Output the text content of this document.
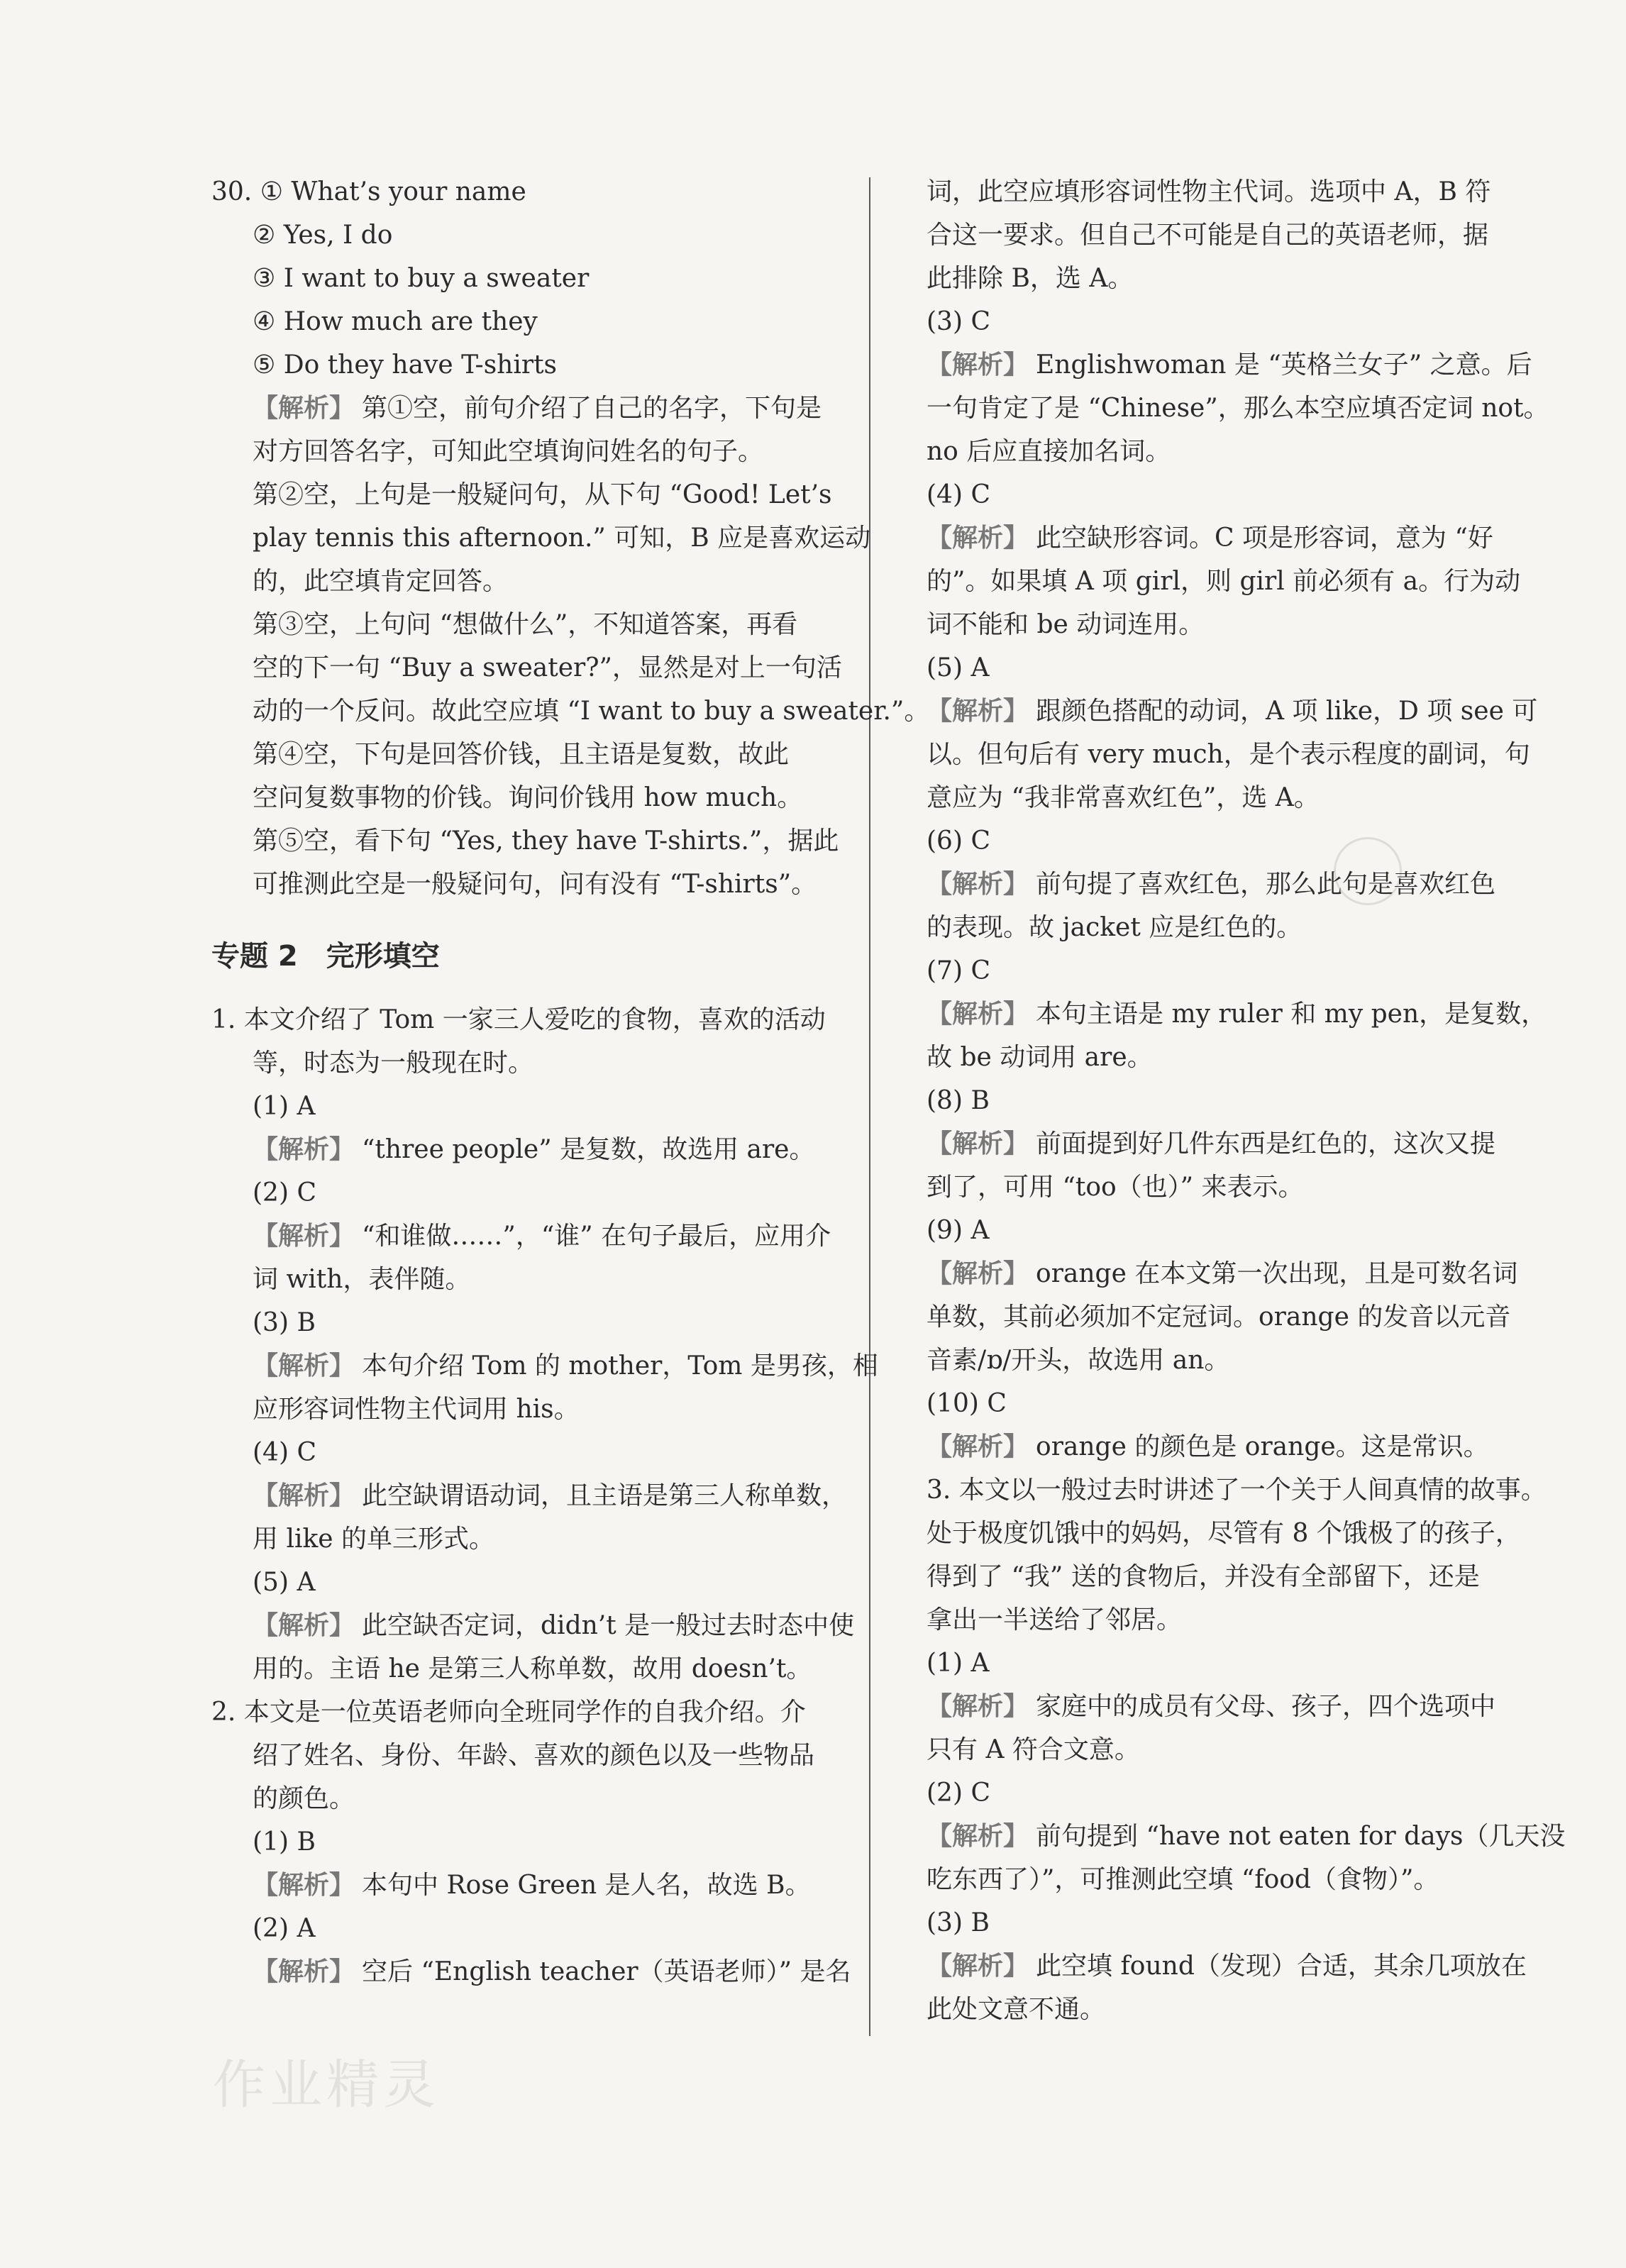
30. ① What’s your name
② Yes, I do
③ I want to buy a sweater
④ How much are they
⑤ Do they have T-shirts
【解析】 第①空，前句介绍了自己的名字，下句是
对方回答名字，可知此空填询问姓名的句子。
第②空，上句是一般疑问句，从下句 “Good! Let’s
play tennis this afternoon.” 可知，B 应是喜欢运动
的，此空填肯定回答。
第③空，上句问 “想做什么”，不知道答案，再看
空的下一句 “Buy a sweater?”，显然是对上一句活
动的一个反问。故此空应填 “I want to buy a sweater.”。
第④空，下句是回答价钱，且主语是复数，故此
空问复数事物的价钱。询问价钱用 how much。
第⑤空，看下句 “Yes, they have T-shirts.”，据此
可推测此空是一般疑问句，问有没有 “T-shirts”。
专题 2　完形填空
1. 本文介绍了 Tom 一家三人爱吃的食物，喜欢的活动
等，时态为一般现在时。
(1) A
【解析】 “three people” 是复数，故选用 are。
(2) C
【解析】 “和谁做……”，“谁” 在句子最后，应用介
词 with，表伴随。
(3) B
【解析】 本句介绍 Tom 的 mother，Tom 是男孩，相
应形容词性物主代词用 his。
(4) C
【解析】 此空缺谓语动词，且主语是第三人称单数，
用 like 的单三形式。
(5) A
【解析】 此空缺否定词，didn’t 是一般过去时态中使
用的。主语 he 是第三人称单数，故用 doesn’t。
2. 本文是一位英语老师向全班同学作的自我介绍。介
绍了姓名、身份、年龄、喜欢的颜色以及一些物品
的颜色。
(1) B
【解析】 本句中 Rose Green 是人名，故选 B。
(2) A
【解析】 空后 “English teacher（英语老师）” 是名
词，此空应填形容词性物主代词。选项中 A，B 符
合这一要求。但自己不可能是自己的英语老师，据
此排除 B，选 A。
(3) C
【解析】 Englishwoman 是 “英格兰女子” 之意。后
一句肯定了是 “Chinese”，那么本空应填否定词 not。
no 后应直接加名词。
(4) C
【解析】 此空缺形容词。C 项是形容词，意为 “好
的”。如果填 A 项 girl，则 girl 前必须有 a。行为动
词不能和 be 动词连用。
(5) A
【解析】 跟颜色搭配的动词，A 项 like，D 项 see 可
以。但句后有 very much，是个表示程度的副词，句
意应为 “我非常喜欢红色”，选 A。
(6) C
【解析】 前句提了喜欢红色，那么此句是喜欢红色
的表现。故 jacket 应是红色的。
(7) C
【解析】 本句主语是 my ruler 和 my pen，是复数，
故 be 动词用 are。
(8) B
【解析】 前面提到好几件东西是红色的，这次又提
到了，可用 “too（也）” 来表示。
(9) A
【解析】 orange 在本文第一次出现，且是可数名词
单数，其前必须加不定冠词。orange 的发音以元音
音素/ɒ/开头，故选用 an。
(10) C
【解析】 orange 的颜色是 orange。这是常识。
3. 本文以一般过去时讲述了一个关于人间真情的故事。
处于极度饥饿中的妈妈，尽管有 8 个饿极了的孩子，
得到了 “我” 送的食物后，并没有全部留下，还是
拿出一半送给了邻居。
(1) A
【解析】 家庭中的成员有父母、孩子，四个选项中
只有 A 符合文意。
(2) C
【解析】 前句提到 “have not eaten for days（几天没
吃东西了）”，可推测此空填 “food（食物）”。
(3) B
【解析】 此空填 found（发现）合适，其余几项放在
此处文意不通。
作业精灵
